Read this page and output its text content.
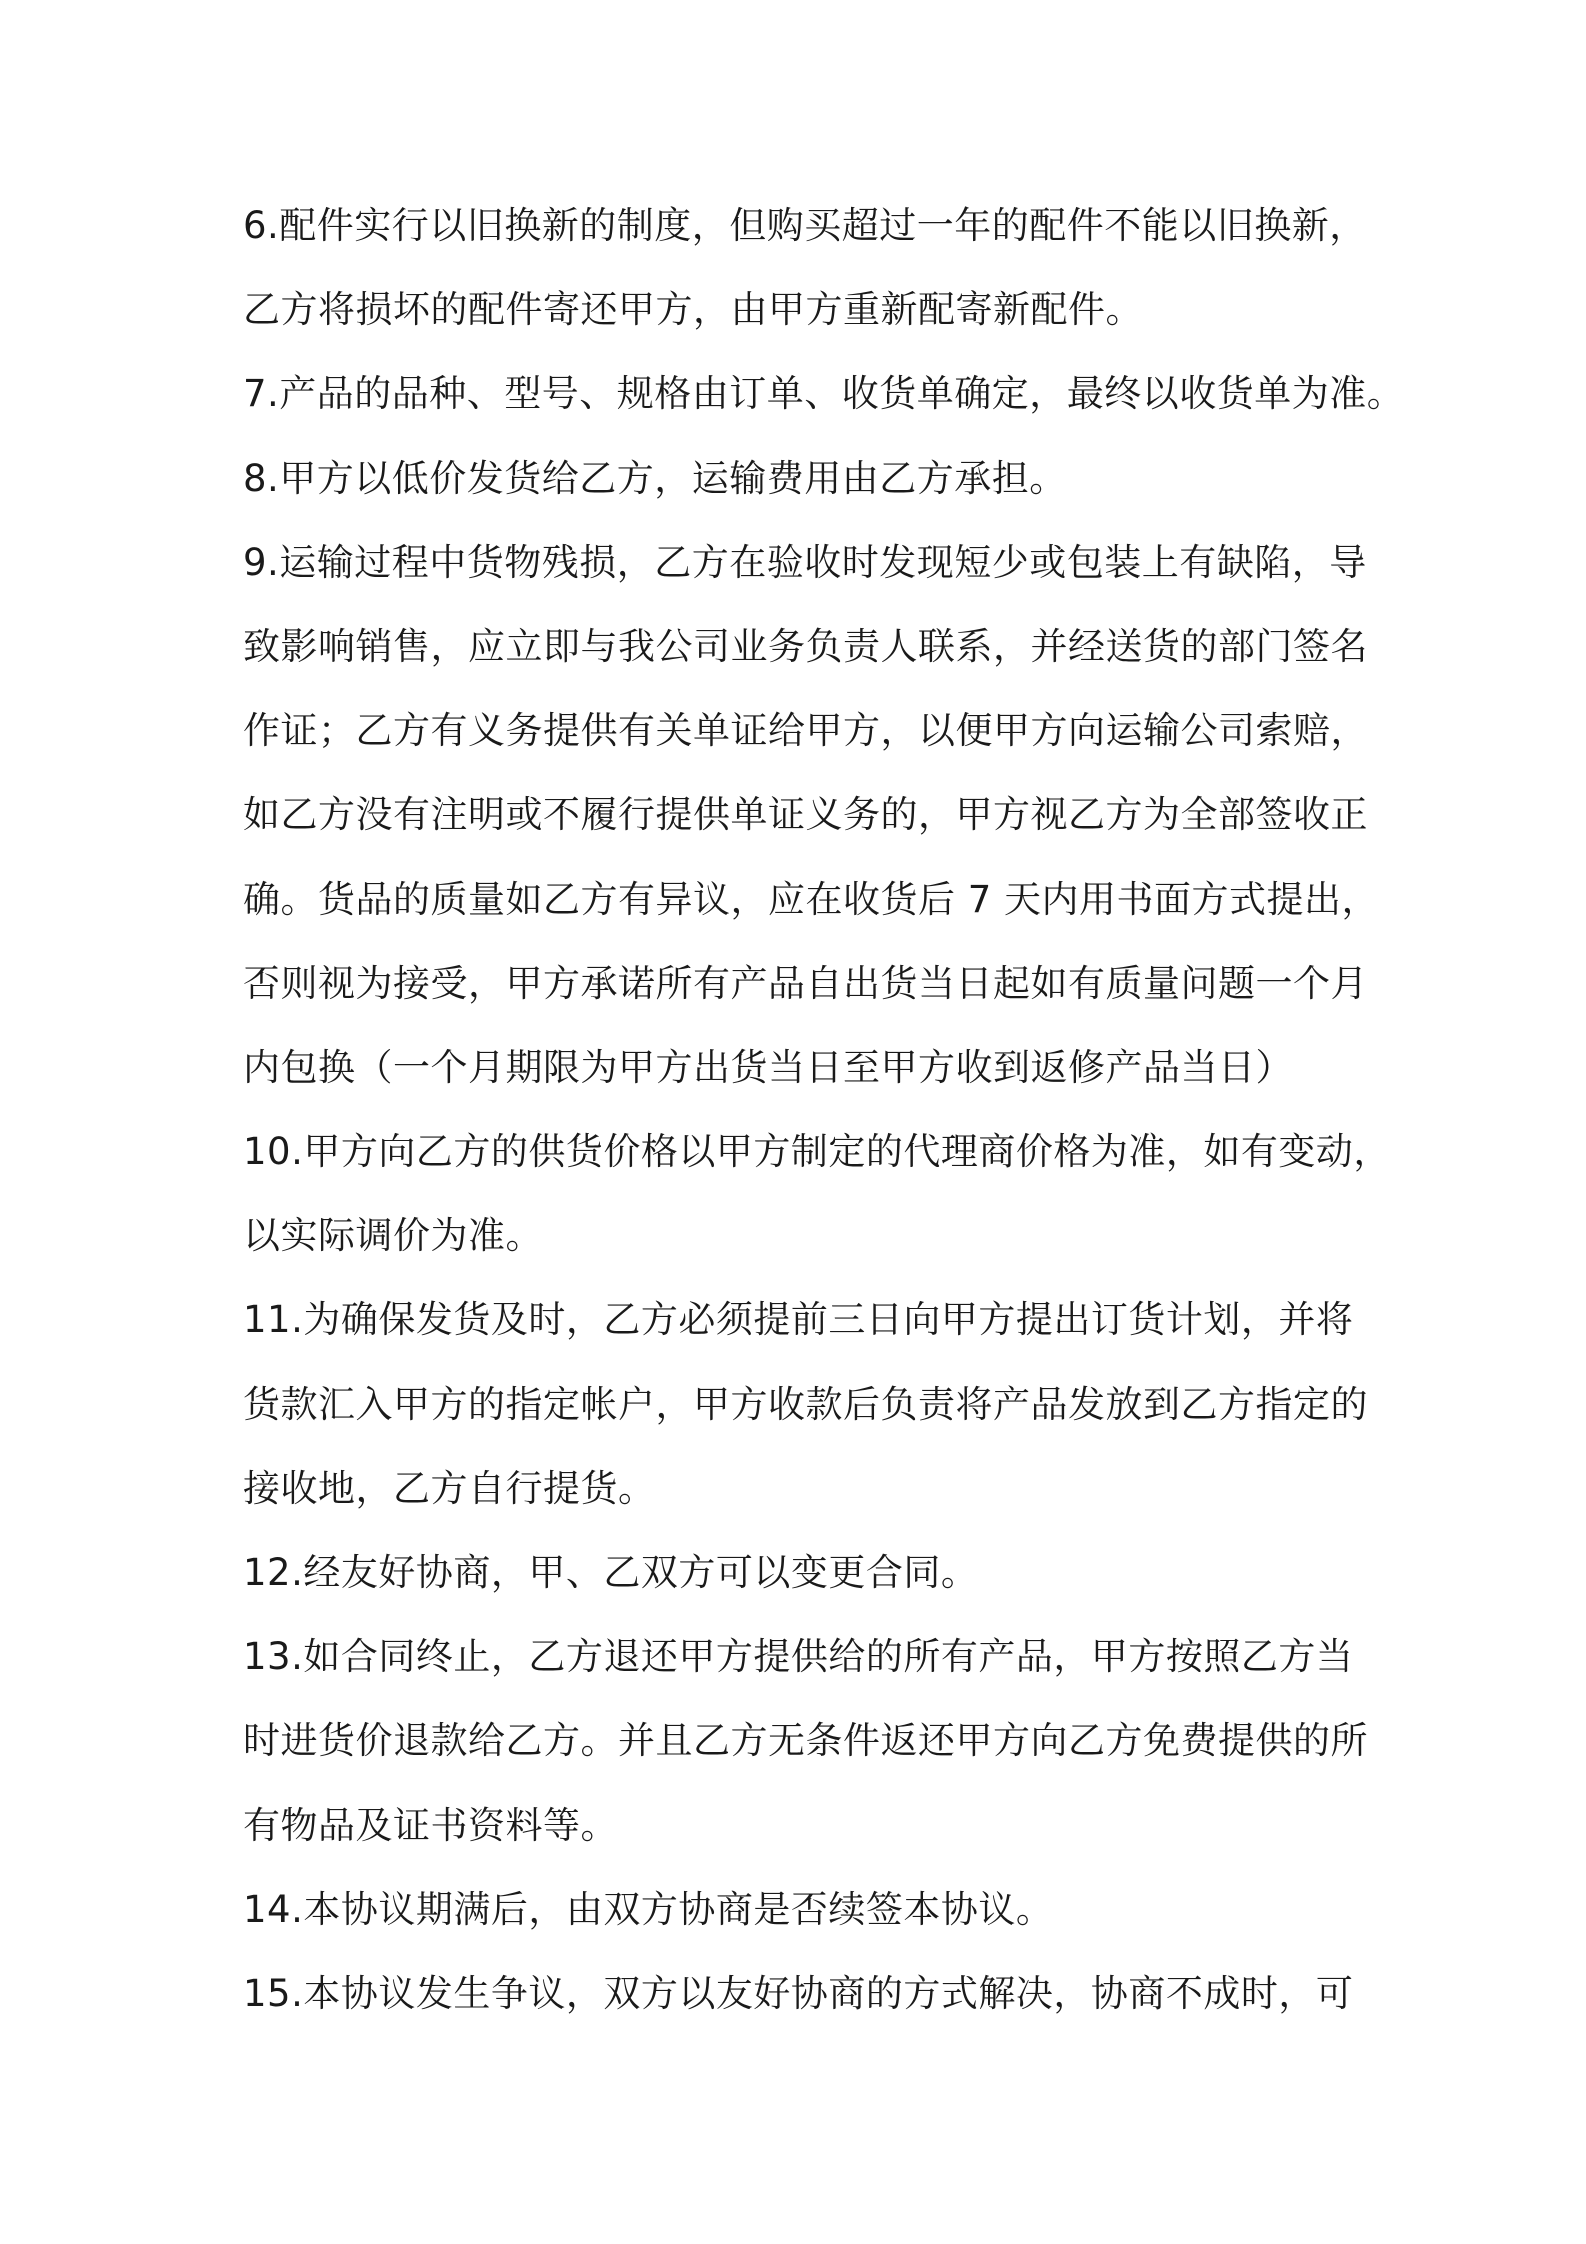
6.配件实行以旧换新的制度，但购买超过一年的配件不能以旧换新，
乙方将损坏的配件寄还甲方，由甲方重新配寄新配件。
7.产品的品种、型号、规格由订单、收货单确定，最终以收货单为准。
8.甲方以低价发货给乙方，运输费用由乙方承担。
9.运输过程中货物残损，乙方在验收时发现短少或包装上有缺陷，导
致影响销售，应立即与我公司业务负责人联系，并经送货的部门签名
作证；乙方有义务提供有关单证给甲方，以便甲方向运输公司索赔，
如乙方没有注明或不履行提供单证义务的，甲方视乙方为全部签收正
确。货品的质量如乙方有异议，应在收货后 7 天内用书面方式提出，
否则视为接受，甲方承诺所有产品自出货当日起如有质量问题一个月
内包换（一个月期限为甲方出货当日至甲方收到返修产品当日）
10.甲方向乙方的供货价格以甲方制定的代理商价格为准，如有变动，
以实际调价为准。
11.为确保发货及时，乙方必须提前三日向甲方提出订货计划，并将
货款汇入甲方的指定帐户，甲方收款后负责将产品发放到乙方指定的
接收地，乙方自行提货。
12.经友好协商，甲、乙双方可以变更合同。
13.如合同终止，乙方退还甲方提供给的所有产品，甲方按照乙方当
时进货价退款给乙方。并且乙方无条件返还甲方向乙方免费提供的所
有物品及证书资料等。
14.本协议期满后，由双方协商是否续签本协议。
15.本协议发生争议，双方以友好协商的方式解决，协商不成时，可
